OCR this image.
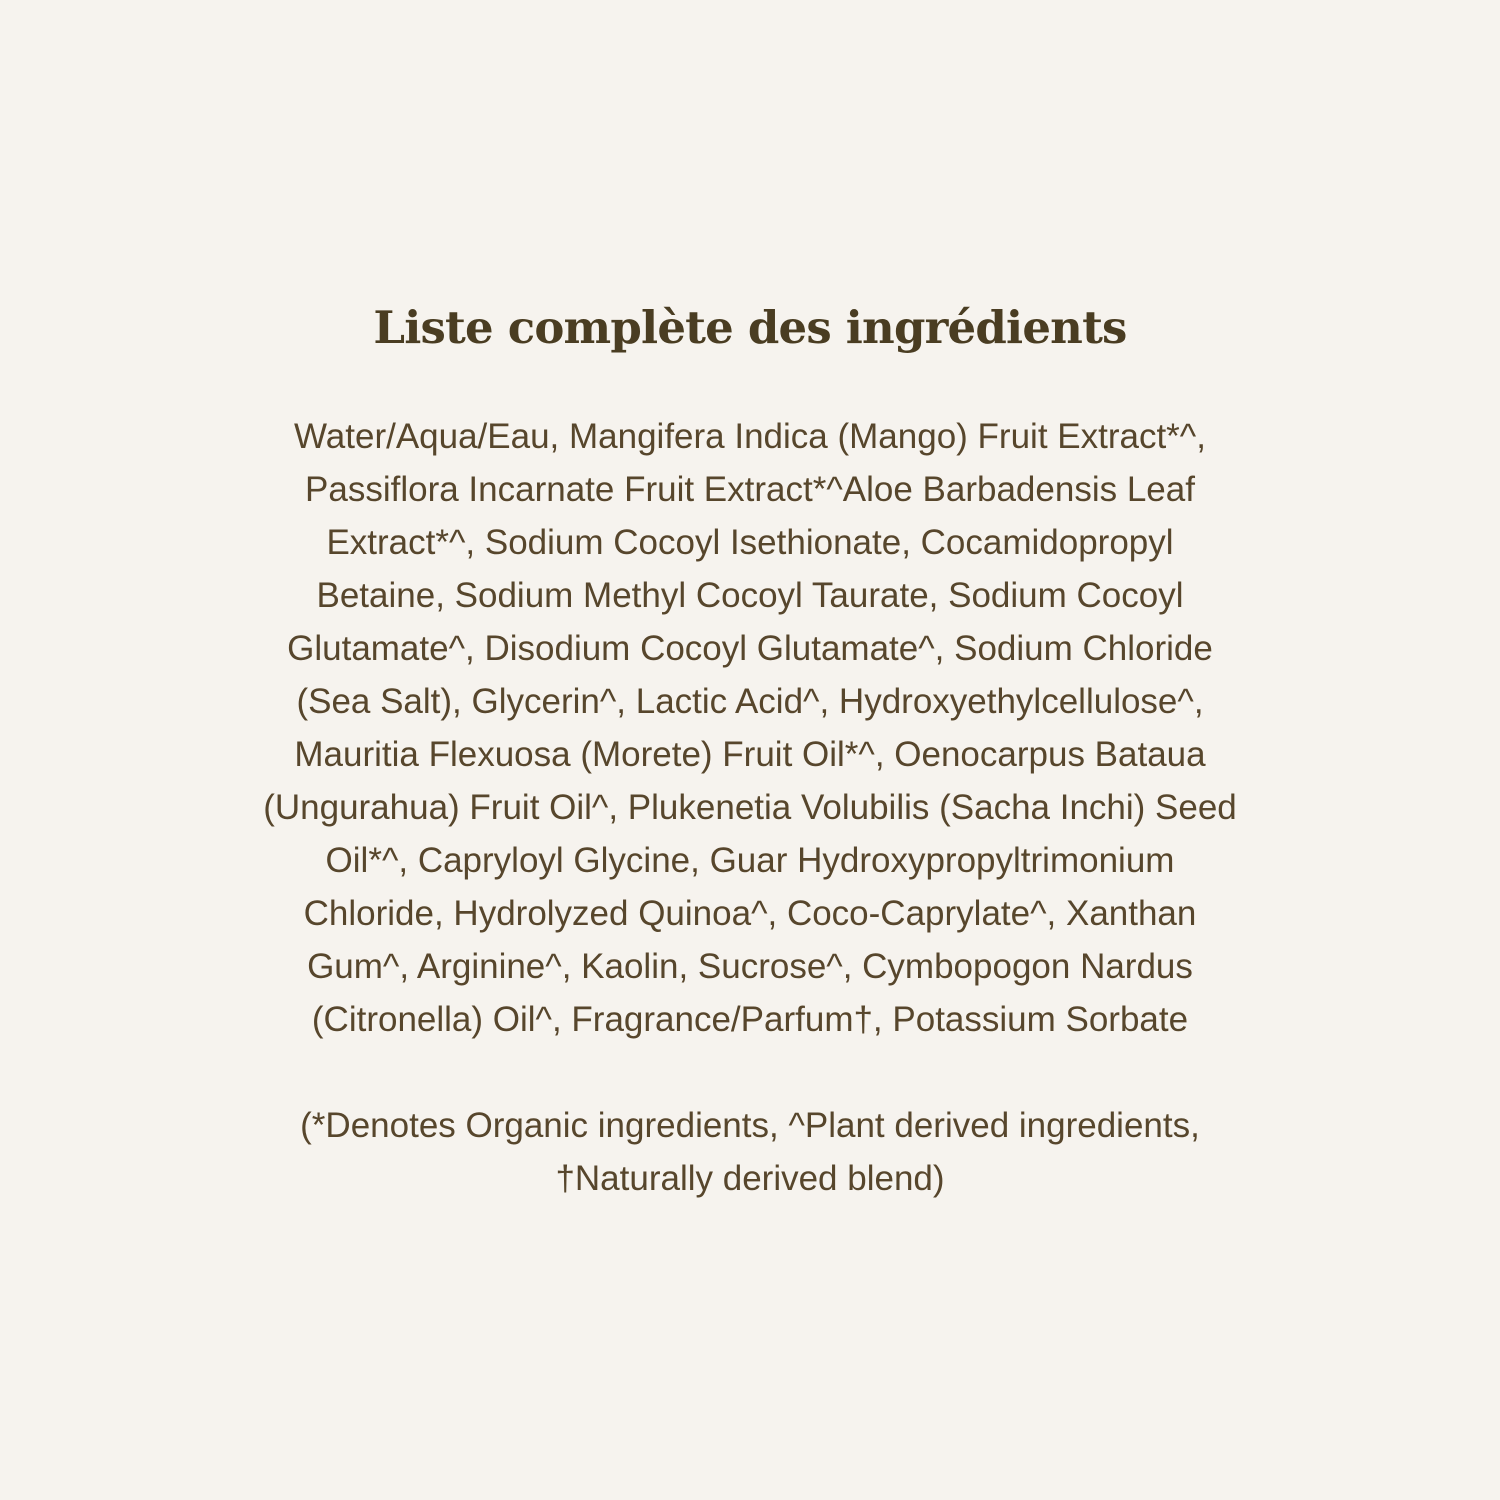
Liste complète des ingrédients

Water/Aqua/Eau, Mangifera Indica (Mango) Fruit Extract*^,
Passiflora Incarnate Fruit Extract*^Aloe Barbadensis Leaf
Extract*^, Sodium Cocoyl Isethionate, Cocamidopropyl
Betaine, Sodium Methyl Cocoyl Taurate, Sodium Cocoyl
Glutamate^, Disodium Cocoyl Glutamate^, Sodium Chloride
(Sea Salt), Glycerin^, Lactic Acid^, Hydroxyethylcellulose^,
Mauritia Flexuosa (Morete) Fruit Oil*^, Oenocarpus Bataua
(Ungurahua) Fruit Oil^, Plukenetia Volubilis (Sacha Inchi) Seed
Oil*^, Capryloyl Glycine, Guar Hydroxypropyltrimonium
Chloride, Hydrolyzed Quinoa^, Coco-Caprylate^, Xanthan
Gum^, Arginine^, Kaolin, Sucrose^, Cymbopogon Nardus
(Citronella) Oil^, Fragrance/Parfum†, Potassium Sorbate

(*Denotes Organic ingredients, ^Plant derived ingredients,
†Naturally derived blend)
